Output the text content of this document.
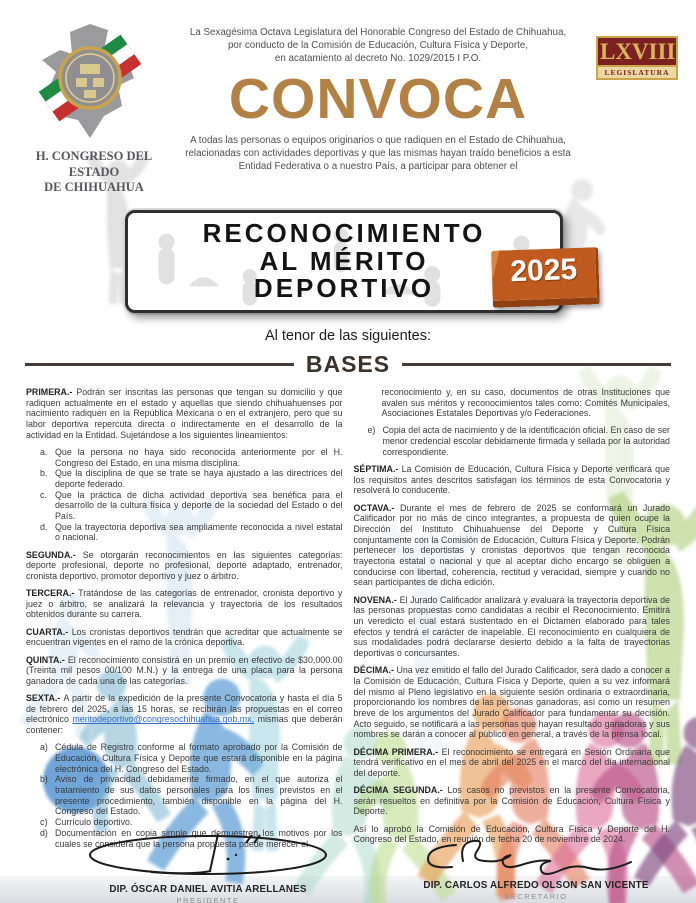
H. CONGRESO DEL ESTADO
DE CHIHUAHUA
La Sexagésima Octava Legislatura del Honorable Congreso del Estado de Chihuahua,
por conducto de la Comisión de Educación, Cultura Física y Deporte,
en acatamiento al decreto No. 1029/2015 I P.O.
CONVOCA
A todas las personas o equipos originarios o que radiquen en el Estado de Chihuahua,
relacionadas con actividades deportivas y que las mismas hayan traído beneficios a esta
Entidad Federativa o a nuestro País, a participar para obtener el
LXVIII
LEGISLATURA
RECONOCIMIENTO
AL MÉRITO
DEPORTIVO
2025
Al tenor de las siguientes:
BASES

PRIMERA.- Podrán ser inscritas las personas que tengan su domicilio y que radiquen actualmente en el estado y aquellas que siendo chihuahuenses por nacimiento radiquen en la República Mexicana o en el extranjero, pero que su labor deportiva repercuta directa o indirectamente en el desarrollo de la actividad en la Entidad. Sujetándose a los siguientes lineamientos:

a. Que la persona no haya sido reconocida anteriormente por el H. Congreso del Estado, en una misma disciplina.
b. Que la disciplina de que se trate se haya ajustado a las directrices del deporte federado.
c. Que la práctica de dicha actividad deportiva sea benéfica para el desarrollo de la cultura física y deporte de la sociedad del Estado o del País.
d. Que la trayectoria deportiva sea ampliamente reconocida a nivel estatal o nacional.

SEGUNDA.- Se otorgarán reconocimientos en las siguientes categorías: deporte profesional, deporte no profesional, deporte adaptado, entrenador, cronista deportivo, promotor deportivo y juez o árbitro.

TERCERA.- Tratándose de las categorías de entrenador, cronista deportivo y juez o árbitro, se analizará la relevancia y trayectoria de los resultados obtenidos durante su carrera.

CUARTA.- Los cronistas deportivos tendrán que acreditar que actualmente se encuentran vigentes en el ramo de la crónica deportiva.

QUINTA.- El reconocimiento consistirá en un premio en efectivo de $30,000.00 (Treinta mil pesos 00/100 M.N.) y la entrega de una placa para la persona ganadora de cada una de las categorías.

SEXTA.- A partir de la expedición de la presente Convocatoria y hasta el día 5 de febrero del 2025, a las 15 horas, se recibirán las propuestas en el correo electrónico meritodeportivo@congresochihuahua.gob.mx, mismas que deberán contener:

a) Cédula de Registro conforme al formato aprobado por la Comisión de Educación, Cultura Física y Deporte que estará disponible en la página electrónica del H. Congreso del Estado.
b) Aviso de privacidad debidamente firmado, en el que autoriza el tratamiento de sus datos personales para los fines previstos en el presente procedimiento, también disponible en la página del H. Congreso del Estado.
c) Currículo deportivo.
d) Documentación en copia simple que demuestren los motivos por los cuales se considera que la persona propuesta puede merecer el

reconocimiento y, en su caso, documentos de otras Instituciones que avalen sus méritos y reconocimientos tales como: Comités Municipales, Asociaciones Estatales Deportivas y/o Federaciones.

e) Copia del acta de nacimiento y de la identificación oficial. En caso de ser menor credencial escolar debidamente firmada y sellada por la autoridad correspondiente.

SÉPTIMA.- La Comisión de Educación, Cultura Física y Deporte verificará que los requisitos antes descritos satisfagan los términos de esta Convocatoria y resolverá lo conducente.

OCTAVA.- Durante el mes de febrero de 2025 se conformará un Jurado Calificador por no más de cinco integrantes, a propuesta de quien ocupe la Dirección del Instituto Chihuahuense del Deporte y Cultura Física conjuntamente con la Comisión de Educación, Cultura Física y Deporte. Podrán pertenecer los deportistas y cronistas deportivos que tengan reconocida trayectoria estatal o nacional y que al aceptar dicho encargo se obliguen a conducirse con libertad, coherencia, rectitud y veracidad, siempre y cuando no sean participantes de dicha edición.

NOVENA.- El Jurado Calificador analizará y evaluará la trayectoria deportiva de las personas propuestas como candidatas a recibir el Reconocimiento. Emitirá un veredicto el cual estará sustentado en el Dictamen elaborado para tales efectos y tendrá el carácter de inapelable. El reconocimiento en cualquiera de sus modalidades podrá declararse desierto debido a la falta de trayectorias deportivas o concursantes.

DÉCIMA.- Una vez emitido el fallo del Jurado Calificador, será dado a conocer a la Comisión de Educación, Cultura Física y Deporte, quien a su vez informará del mismo al Pleno legislativo en la siguiente sesión ordinaria o extraordinaria, proporcionando los nombres de las personas ganadoras, así como un resumen breve de los argumentos del Jurado Calificador para fundamentar su decisión. Acto seguido, se notificará a las personas que hayan resultado ganadoras y sus nombres se darán a conocer al público en general, a través de la prensa local.

DÉCIMA PRIMERA.- El reconocimiento se entregará en Sesión Ordinaria que tendrá verificativo en el mes de abril del 2025 en el marco del día internacional del deporte.

DÉCIMA SEGUNDA.- Los casos no previstos en la presente Convocatoria, serán resueltos en definitiva por la Comisión de Educación, Cultura Física y Deporte.

Así lo aprobó la Comisión de Educación, Cultura Física y Deporte del H. Congreso del Estado, en reunión de fecha 20 de noviembre de 2024.

DIP. ÓSCAR DANIEL AVITIA ARELLANES
PRESIDENTE
DIP. CARLOS ALFREDO OLSON SAN VICENTE
SECRETARIO
